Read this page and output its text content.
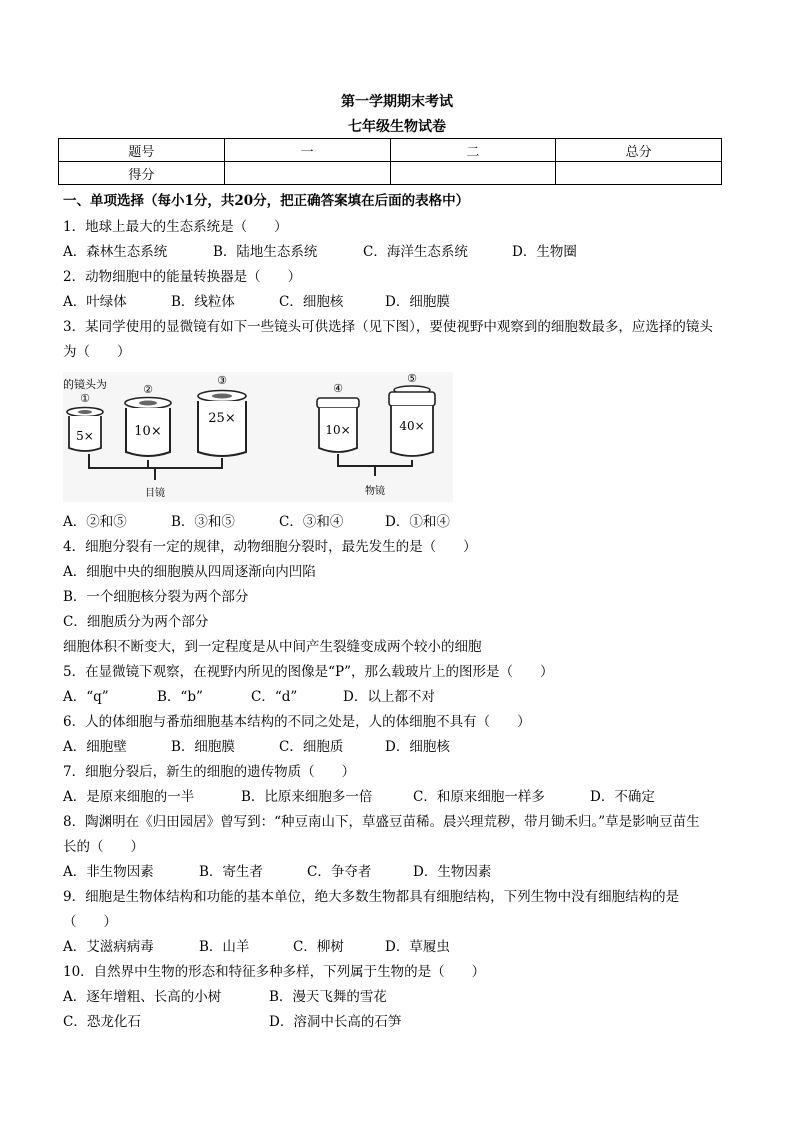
第一学期期末考试
七年级生物试卷
题号	一	二	总分
得分			
一、单项选择（每小1分，共20分，把正确答案填在后面的表格中）
1．地球上最大的生态系统是（　　）
A．森林生态系统	B．陆地生态系统	C．海洋生态系统	D．生物圈
2．动物细胞中的能量转换器是（　　）
A．叶绿体	B．线粒体	C．细胞核	D．细胞膜
3．某同学使用的显微镜有如下一些镜头可供选择（见下图），要使视野中观察到的细胞数最多，应选择的镜头
为（　　）
的镜头为
①
5×
②
10×
③
25×
目镜
④
10×
⑤
40×
物镜
A．②和⑤	B．③和⑤	C．③和④	D．①和④
4．细胞分裂有一定的规律，动物细胞分裂时，最先发生的是（　　）
A．细胞中央的细胞膜从四周逐渐向内凹陷
B．一个细胞核分裂为两个部分
C．细胞质分为两个部分
细胞体积不断变大，到一定程度是从中间产生裂缝变成两个较小的细胞
5．在显微镜下观察，在视野内所见的图像是“P”，那么载玻片上的图形是（　　）
A．“q”	B．“b”	C．“d”	D．以上都不对
6．人的体细胞与番茄细胞基本结构的不同之处是，人的体细胞不具有（　　）
A．细胞壁	B．细胞膜	C．细胞质	D．细胞核
7．细胞分裂后，新生的细胞的遗传物质（　　）
A．是原来细胞的一半	B．比原来细胞多一倍	C．和原来细胞一样多	D．不确定
8．陶渊明在《归田园居》曾写到：“种豆南山下，草盛豆苗稀。晨兴理荒秽，带月锄禾归。”草是影响豆苗生
长的（　　）
A．非生物因素	B．寄生者	C．争夺者	D．生物因素
9．细胞是生物体结构和功能的基本单位，绝大多数生物都具有细胞结构，下列生物中没有细胞结构的是
（　　）
A．艾滋病病毒	B．山羊	C．柳树	D．草履虫
10．自然界中生物的形态和特征多种多样，下列属于生物的是（　　）
A．逐年增粗、长高的小树	B．漫天飞舞的雪花
C．恐龙化石	D．溶洞中长高的石笋
